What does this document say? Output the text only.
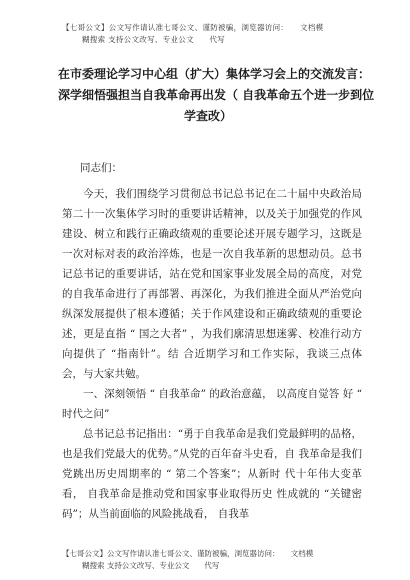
【七哥公文】公文写作请认准七哥公文、谨防被骗，浏览器访问：　　文档模
糊搜索 支持公文改写、专业公文　　代写
在市委理论学习中心组（扩大）集体学习会上的交流发言：
深学细悟强担当自我革命再出发（ 自我革命五个进一步到位
学查改）

同志们：

今天，我们围绕学习贯彻总书记总书记在二十届中央政治局第二十一次集体学习时的重要讲话精神，以及关于加强党的作风建设、树立和践行正确政绩观的重要论述开展专题学习，这既是一次对标对表的政治淬炼，也是一次自我革新的思想动员。总书记总书记的重要讲话，站在党和国家事业发展全局的高度，对党的自我革命进行了再部署、再深化，为我们推进全面从严治党向纵深发展提供了根本遵循；关于作风建设和正确政绩观的重要论述，更是直指 “ 国之大者” ，为我们廓清思想迷雾、校准行动方向提供了 “指南针”。结 合近期学习和工作实际，我谈三点体会，与大家共勉。

一、深刻领悟 “ 自我革命” 的政治意蕴， 以高度自觉答 好 “ 时代之问”

总书记总书记指出：“勇于自我革命是我们党最鲜明的品格，也是我们党最大的优势。”从党的百年奋斗史看，自 我革命是我们党跳出历史周期率的 “ 第二个答案”；从新时 代十年伟大变革看， 自我革命是推动党和国家事业取得历史 性成就的 “关键密码”；从当前面临的风险挑战看， 自我革

【七哥公文】公文写作请认准七哥公文、谨防被骗，浏览器访问：　　文档模
糊搜索 支持公文改写、专业公文　　代写
